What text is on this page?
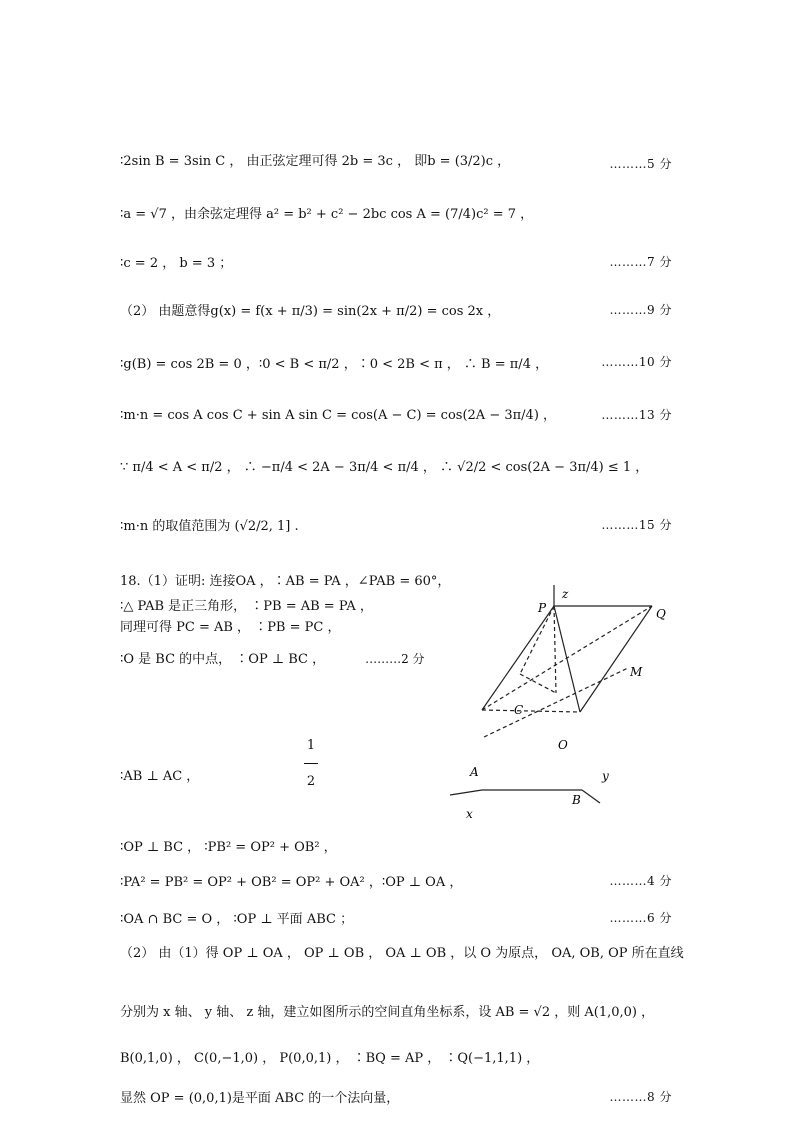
∶2sin B = 3sin C ， 由正弦定理可得 2b = 3c ， 即b = (3/2)c ，	………5 分
∶a = √7 ，由余弦定理得 a² = b² + c² − 2bc cos A = (7/4)c² = 7 ，
∶c = 2 ， b = 3 ；	………7 分
（2） 由题意得g(x) = f(x + π/3) = sin(2x + π/2) = cos 2x ，	………9 分
∶g(B) = cos 2B = 0 ，∶0 < B < π/2 ，∶0 < 2B < π ， ∴ B = π/4 ，	………10 分
∶m·n = cos A cos C + sin A sin C = cos(A − C) = cos(2A − 3π/4) ，	………13 分
∵ π/4 < A < π/2 ， ∴ −π/4 < 2A − 3π/4 < π/4 ， ∴ √2/2 < cos(2A − 3π/4) ≤ 1 ，
∶m·n 的取值范围为 (√2/2, 1] .	………15 分
18.（1）证明: 连接OA ，∶AB = PA ，∠PAB = 60°，
∶△ PAB 是正三角形， ∶PB = AB = PA ，
同理可得 PC = AB ， ∶PB = PC ，
∶O 是 BC 的中点， ∶OP ⊥ BC ，	………2 分
∶AB ⊥ AC ，
1
2
∶OP ⊥ BC ， ∶PB² = OP² + OB² ，
∶PA² = PB² = OP² + OB² = OP² + OA² ，∶OP ⊥ OA ，	………4 分
∶OA ∩ BC = O ， ∶OP ⊥ 平面 ABC ；	………6 分
（2） 由（1）得 OP ⊥ OA ， OP ⊥ OB ， OA ⊥ OB ，以 O 为原点， OA, OB, OP 所在直线
分别为 x 轴、 y 轴、 z 轴，建立如图所示的空间直角坐标系，设 AB = √2 ，则 A(1,0,0) ，
B(0,1,0) ， C(0,−1,0) ， P(0,0,1) ， ∶BQ = AP ， ∶Q(−1,1,1) ，
显然 OP = (0,0,1)是平面 ABC 的一个法向量，	………8 分
z
P	Q
M
C
O
A	y
B
x
